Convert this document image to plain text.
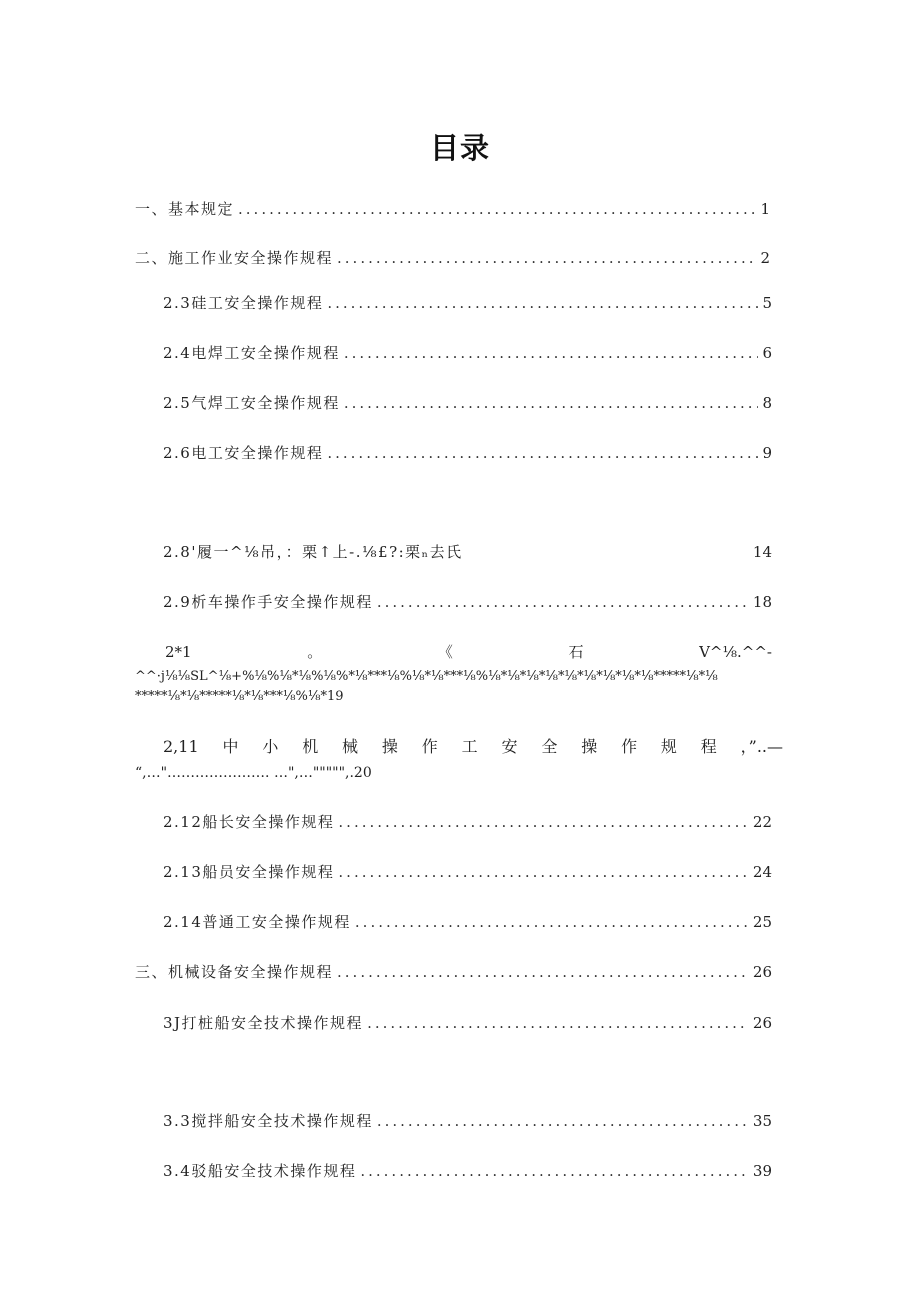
目录
一、基本规定 .....	1
二、施工作业安全操作规程 .....	2
2.3硅工安全操作规程 .....	5
2.4电焊工安全操作规程 .....	6
2.5气焊工安全操作规程 .....	8
2.6电工安全操作规程 .....	9
2.8'履一^⅛吊，：栗↑上-.⅛£?:栗ₙ去氏	14
2.9析车操作手安全操作规程 .....	18
2*1	。	《	石	V^⅛.^^-
^^·j⅛⅛SL^⅛+%⅛%⅛*⅛%⅛%*⅛***⅛%⅛*⅛***⅛%⅛*⅛*⅛*⅛*⅛*⅛*⅛*⅛*⅛*****⅛*⅛
*****⅛*⅛*****⅛*⅛***⅛%⅛*19
2,11 中 小 机 械 操 作 工 安 全 操 作 规 程 ，”..—
“,…"…………………. …",…""""",.20
2.12船长安全操作规程 .....	22
2.13船员安全操作规程 .....	24
2.14普通工安全操作规程 .....	25
三、机械设备安全操作规程 .....	26
3J打桩船安全技术操作规程 .....	26
3.3搅拌船安全技术操作规程 .....	35
3.4驳船安全技术操作规程 .....	39
